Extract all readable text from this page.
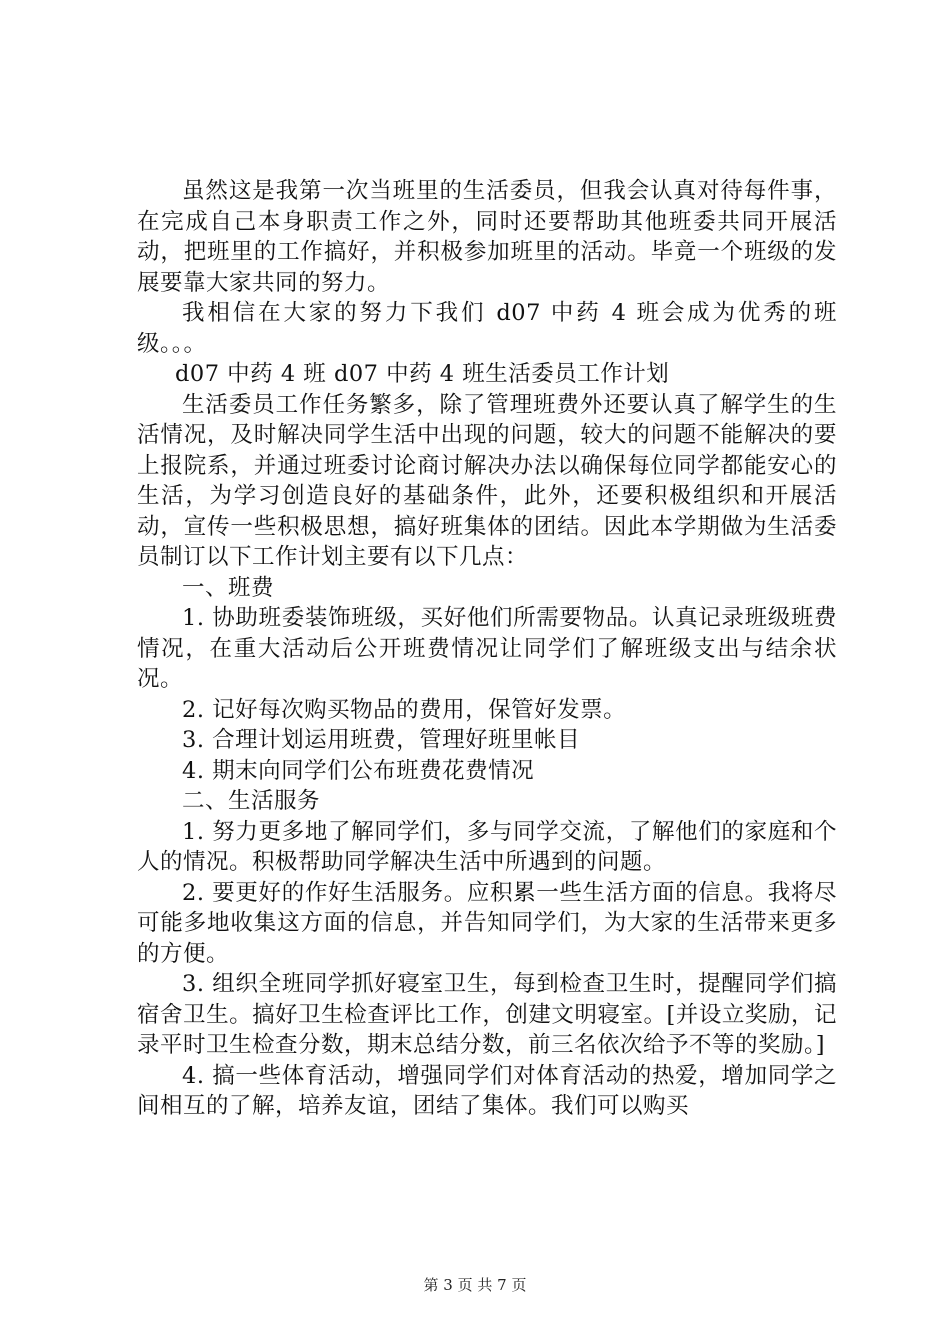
虽然这是我第一次当班里的生活委员，但我会认真对待每件事，在完成自己本身职责工作之外，同时还要帮助其他班委共同开展活动，把班里的工作搞好，并积极参加班里的活动。毕竟一个班级的发展要靠大家共同的努力。

我相信在大家的努力下我们 d07 中药 4 班会成为优秀的班级。。。

d07 中药 4 班 d07 中药 4 班生活委员工作计划

生活委员工作任务繁多，除了管理班费外还要认真了解学生的生活情况，及时解决同学生活中出现的问题，较大的问题不能解决的要上报院系，并通过班委讨论商讨解决办法以确保每位同学都能安心的生活，为学习创造良好的基础条件，此外，还要积极组织和开展活动，宣传一些积极思想，搞好班集体的团结。因此本学期做为生活委员制订以下工作计划主要有以下几点：

一、班费

1. 协助班委装饰班级，买好他们所需要物品。认真记录班级班费情况，在重大活动后公开班费情况让同学们了解班级支出与结余状况。

2. 记好每次购买物品的费用，保管好发票。

3. 合理计划运用班费，管理好班里帐目

4. 期末向同学们公布班费花费情况

二、生活服务

1. 努力更多地了解同学们，多与同学交流，了解他们的家庭和个人的情况。积极帮助同学解决生活中所遇到的问题。

2. 要更好的作好生活服务。应积累一些生活方面的信息。我将尽可能多地收集这方面的信息，并告知同学们，为大家的生活带来更多的方便。

3. 组织全班同学抓好寝室卫生，每到检查卫生时，提醒同学们搞宿舍卫生。搞好卫生检查评比工作，创建文明寝室。[并设立奖励，记录平时卫生检查分数，期末总结分数，前三名依次给予不等的奖励。]

4. 搞一些体育活动，增强同学们对体育活动的热爱，增加同学之间相互的了解，培养友谊，团结了集体。我们可以购买

第 3 页 共 7 页
